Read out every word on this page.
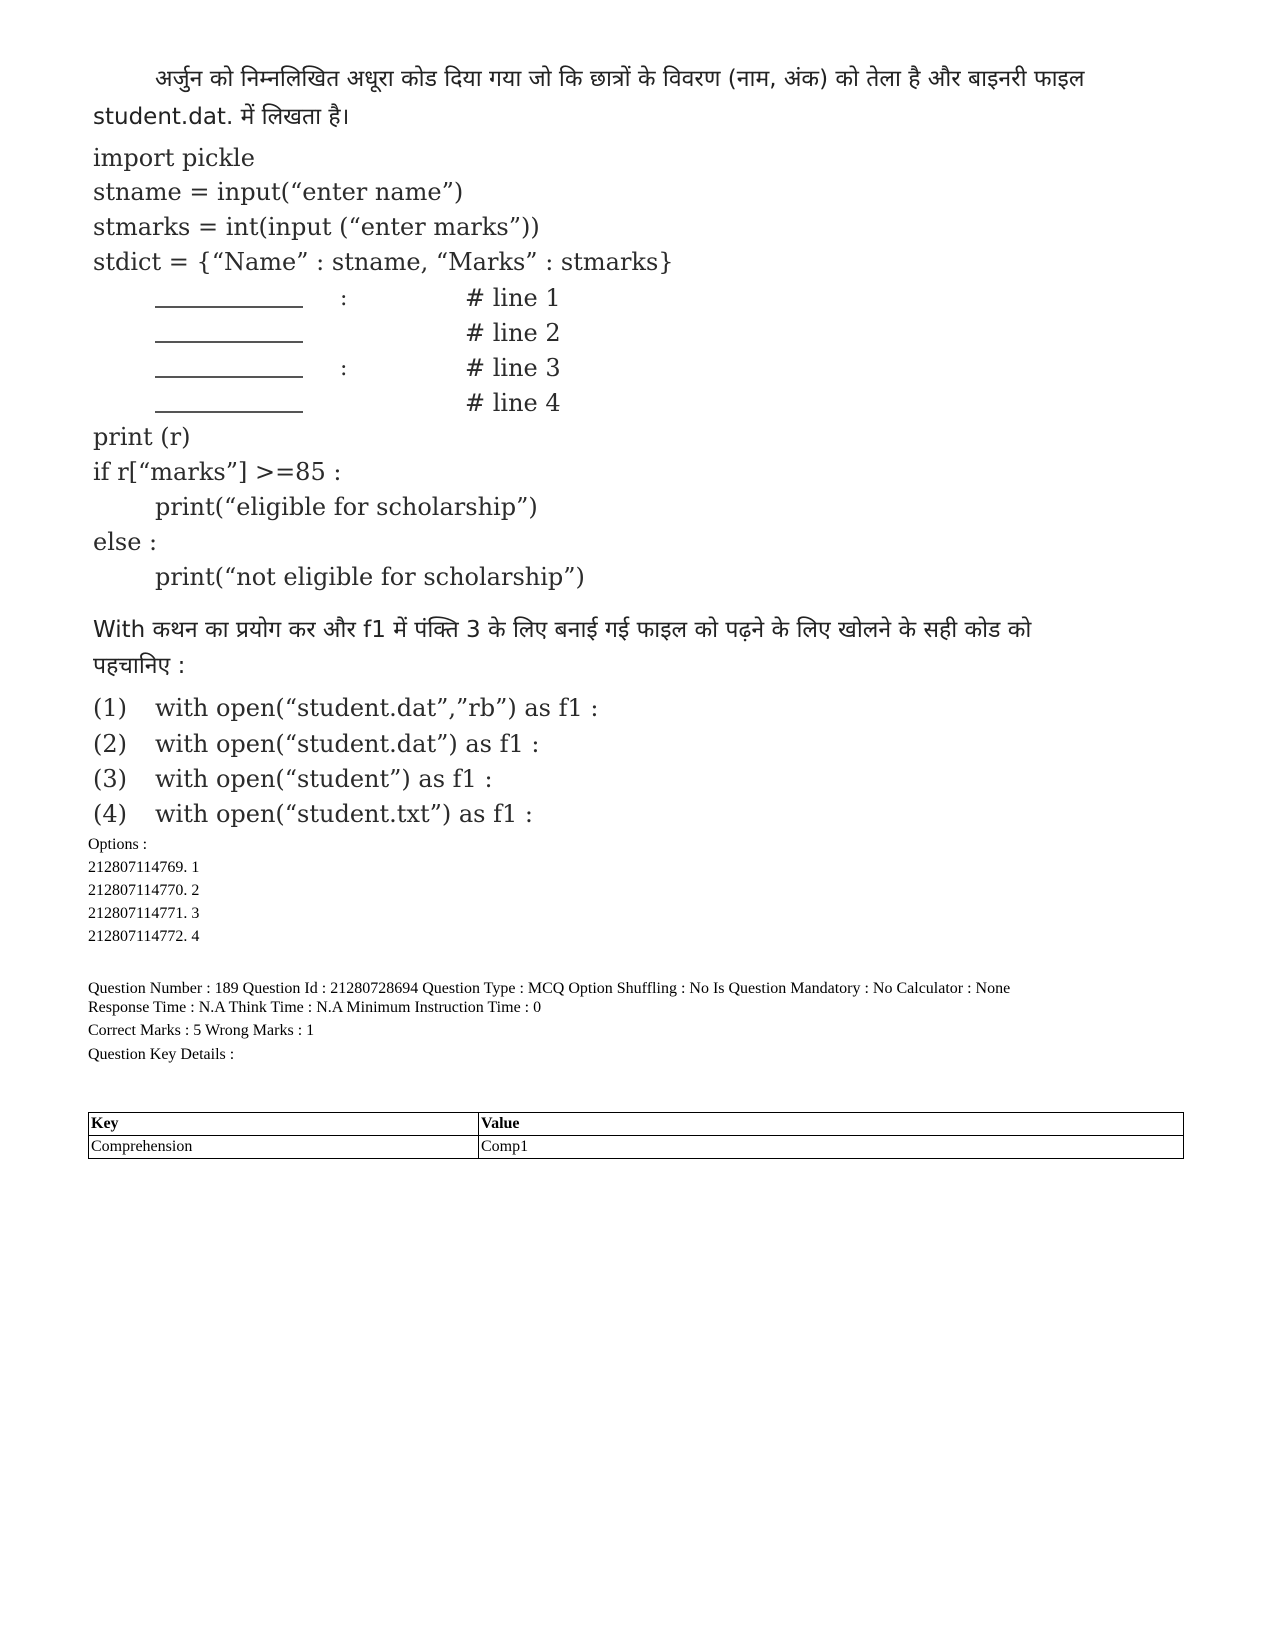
अर्जुन को निम्नलिखित अधूरा कोड दिया गया जो कि छात्रों के विवरण (नाम, अंक) को तेला है और बाइनरी फाइल
student.dat. में लिखता है।
import pickle
stname = input(“enter name”)
stmarks = int(input (“enter marks”))
stdict = {“Name” : stname, “Marks” : stmarks}
:	# line 1
# line 2
:	# line 3
# line 4
print (r)
if r[“marks”] >=85 :
print(“eligible for scholarship”)
else :
print(“not eligible for scholarship”)
With कथन का प्रयोग कर और f1 में पंक्ति 3 के लिए बनाई गई फाइल को पढ़ने के लिए खोलने के सही कोड को
पहचानिए :
(1) with open(“student.dat”,”rb”) as f1 :
(2) with open(“student.dat”) as f1 :
(3) with open(“student”) as f1 :
(4) with open(“student.txt”) as f1 :
Options :
212807114769. 1
212807114770. 2
212807114771. 3
212807114772. 4
Question Number : 189 Question Id : 21280728694 Question Type : MCQ Option Shuffling : No Is Question Mandatory : No Calculator : None
Response Time : N.A Think Time : N.A Minimum Instruction Time : 0
Correct Marks : 5 Wrong Marks : 1
Question Key Details :
Key	Value
Comprehension	Comp1
